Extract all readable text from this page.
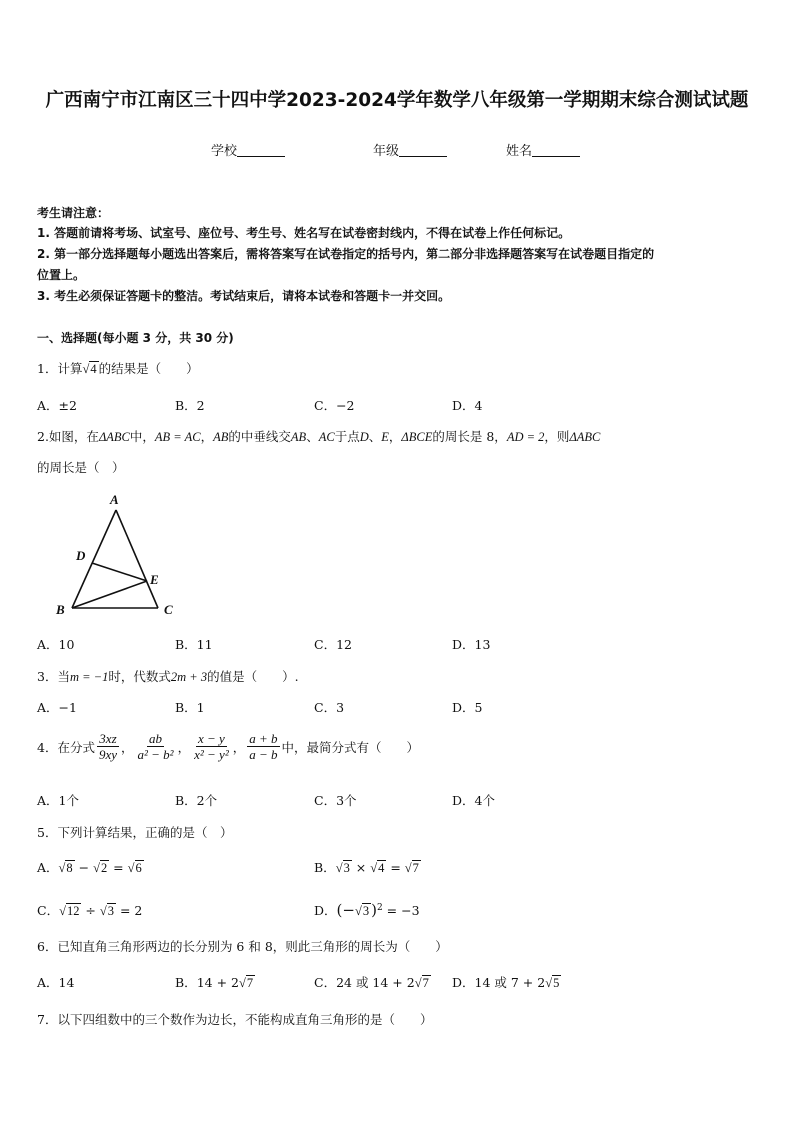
广西南宁市江南区三十四中学2023-2024学年数学八年级第一学期期末综合测试试题
学校	年级	姓名
考生请注意：
1. 答题前请将考场、试室号、座位号、考生号、姓名写在试卷密封线内，不得在试卷上作任何标记。
2. 第一部分选择题每小题选出答案后，需将答案写在试卷指定的括号内，第二部分非选择题答案写在试卷题目指定的
位置上。
3. 考生必须保证答题卡的整洁。考试结束后，请将本试卷和答题卡一并交回。
一、选择题(每小题 3 分，共 30 分)
1．计算√4 的结果是（　　）
A．±2	B．2	C．−2	D．4
2.如图，在ΔABC中，AB = AC，AB的中垂线交AB、AC于点D、E，ΔBCE的周长是 8，AD = 2，则ΔABC
的周长是（　）
A
B	C
D
E
A．10	B．11	C．12	D．13
3．当m = −1时，代数式2m + 3的值是（　　）.
A．−1	B．1	C．3	D．5
4．在分式 $\frac{3xz}{9xy}$ ， $\frac{ab}{\text{a² − b²}}$ ， $\frac{x - y}{\text{x² − y²}}$ ， $\frac{a + b}{a - b}$ 中，最简分式有（　　）
A．1个	B．2个	C．3个	D．4个
5．下列计算结果，正确的是（　）
A．√8 − √2 = √6	B．√3 × √4 = √7
C．√12 ÷ √3 = 2	D．(−√3 )$^2$ = −3
6．已知直角三角形两边的长分别为 6 和 8，则此三角形的周长为（　　）
A．14	B．14 + 2√7	C．24 或 14 + 2√7 D．14 或 7 + 2√5
7．以下四组数中的三个数作为边长，不能构成直角三角形的是（　　）
